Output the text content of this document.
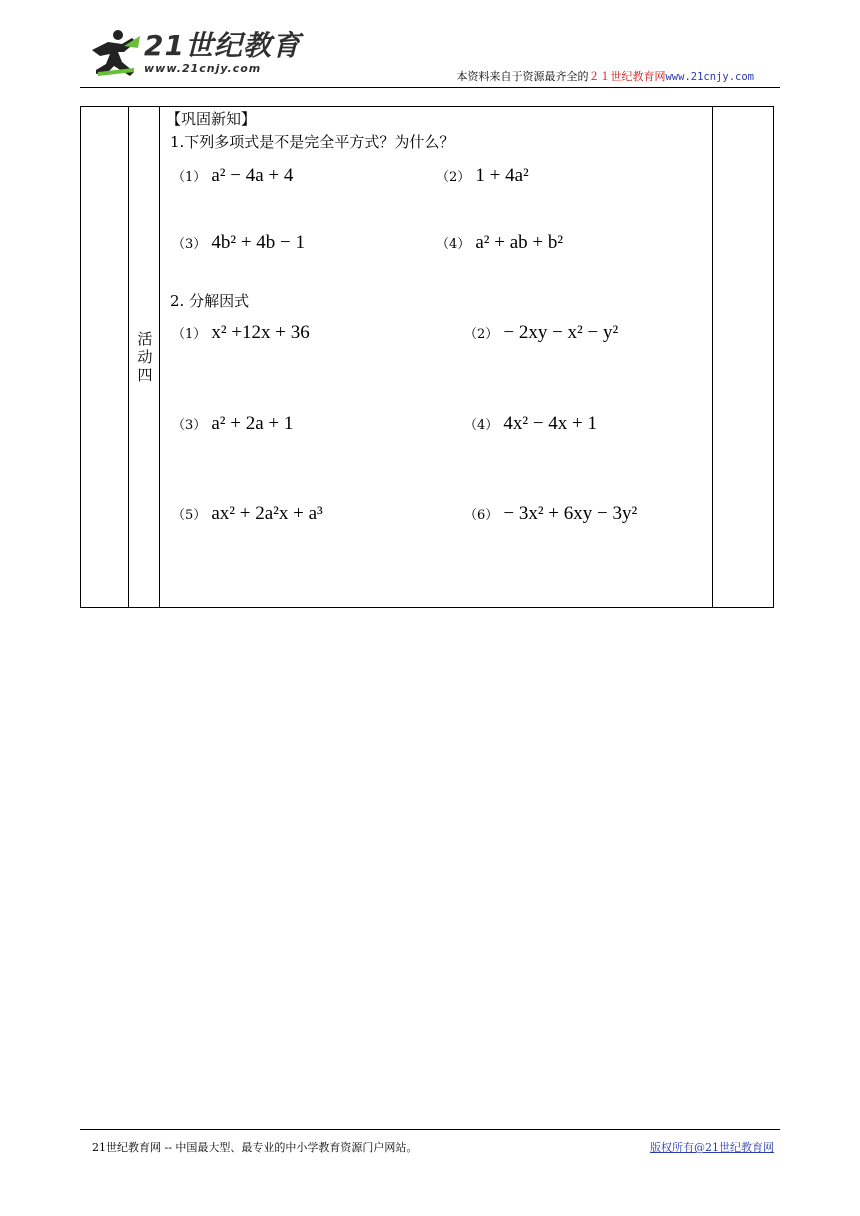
21世纪教育
www.21cnjy.com
本资料来自于资源最齐全的２１世纪教育网www.21cnjy.com
活
动
四
【巩固新知】
1.下列多项式是不是完全平方式？为什么？
（1） a² − 4a + 4	（2） 1 + 4a²
（3） 4b² + 4b − 1	（4） a² + ab + b²
2. 分解因式
（1） x² +12x + 36	（2） − 2xy − x² − y²
（3） a² + 2a + 1	（4） 4x² − 4x + 1
（5） ax² + 2a²x + a³	（6） − 3x² + 6xy − 3y²
21世纪教育网 -- 中国最大型、最专业的中小学教育资源门户网站。	版权所有@21世纪教育网
